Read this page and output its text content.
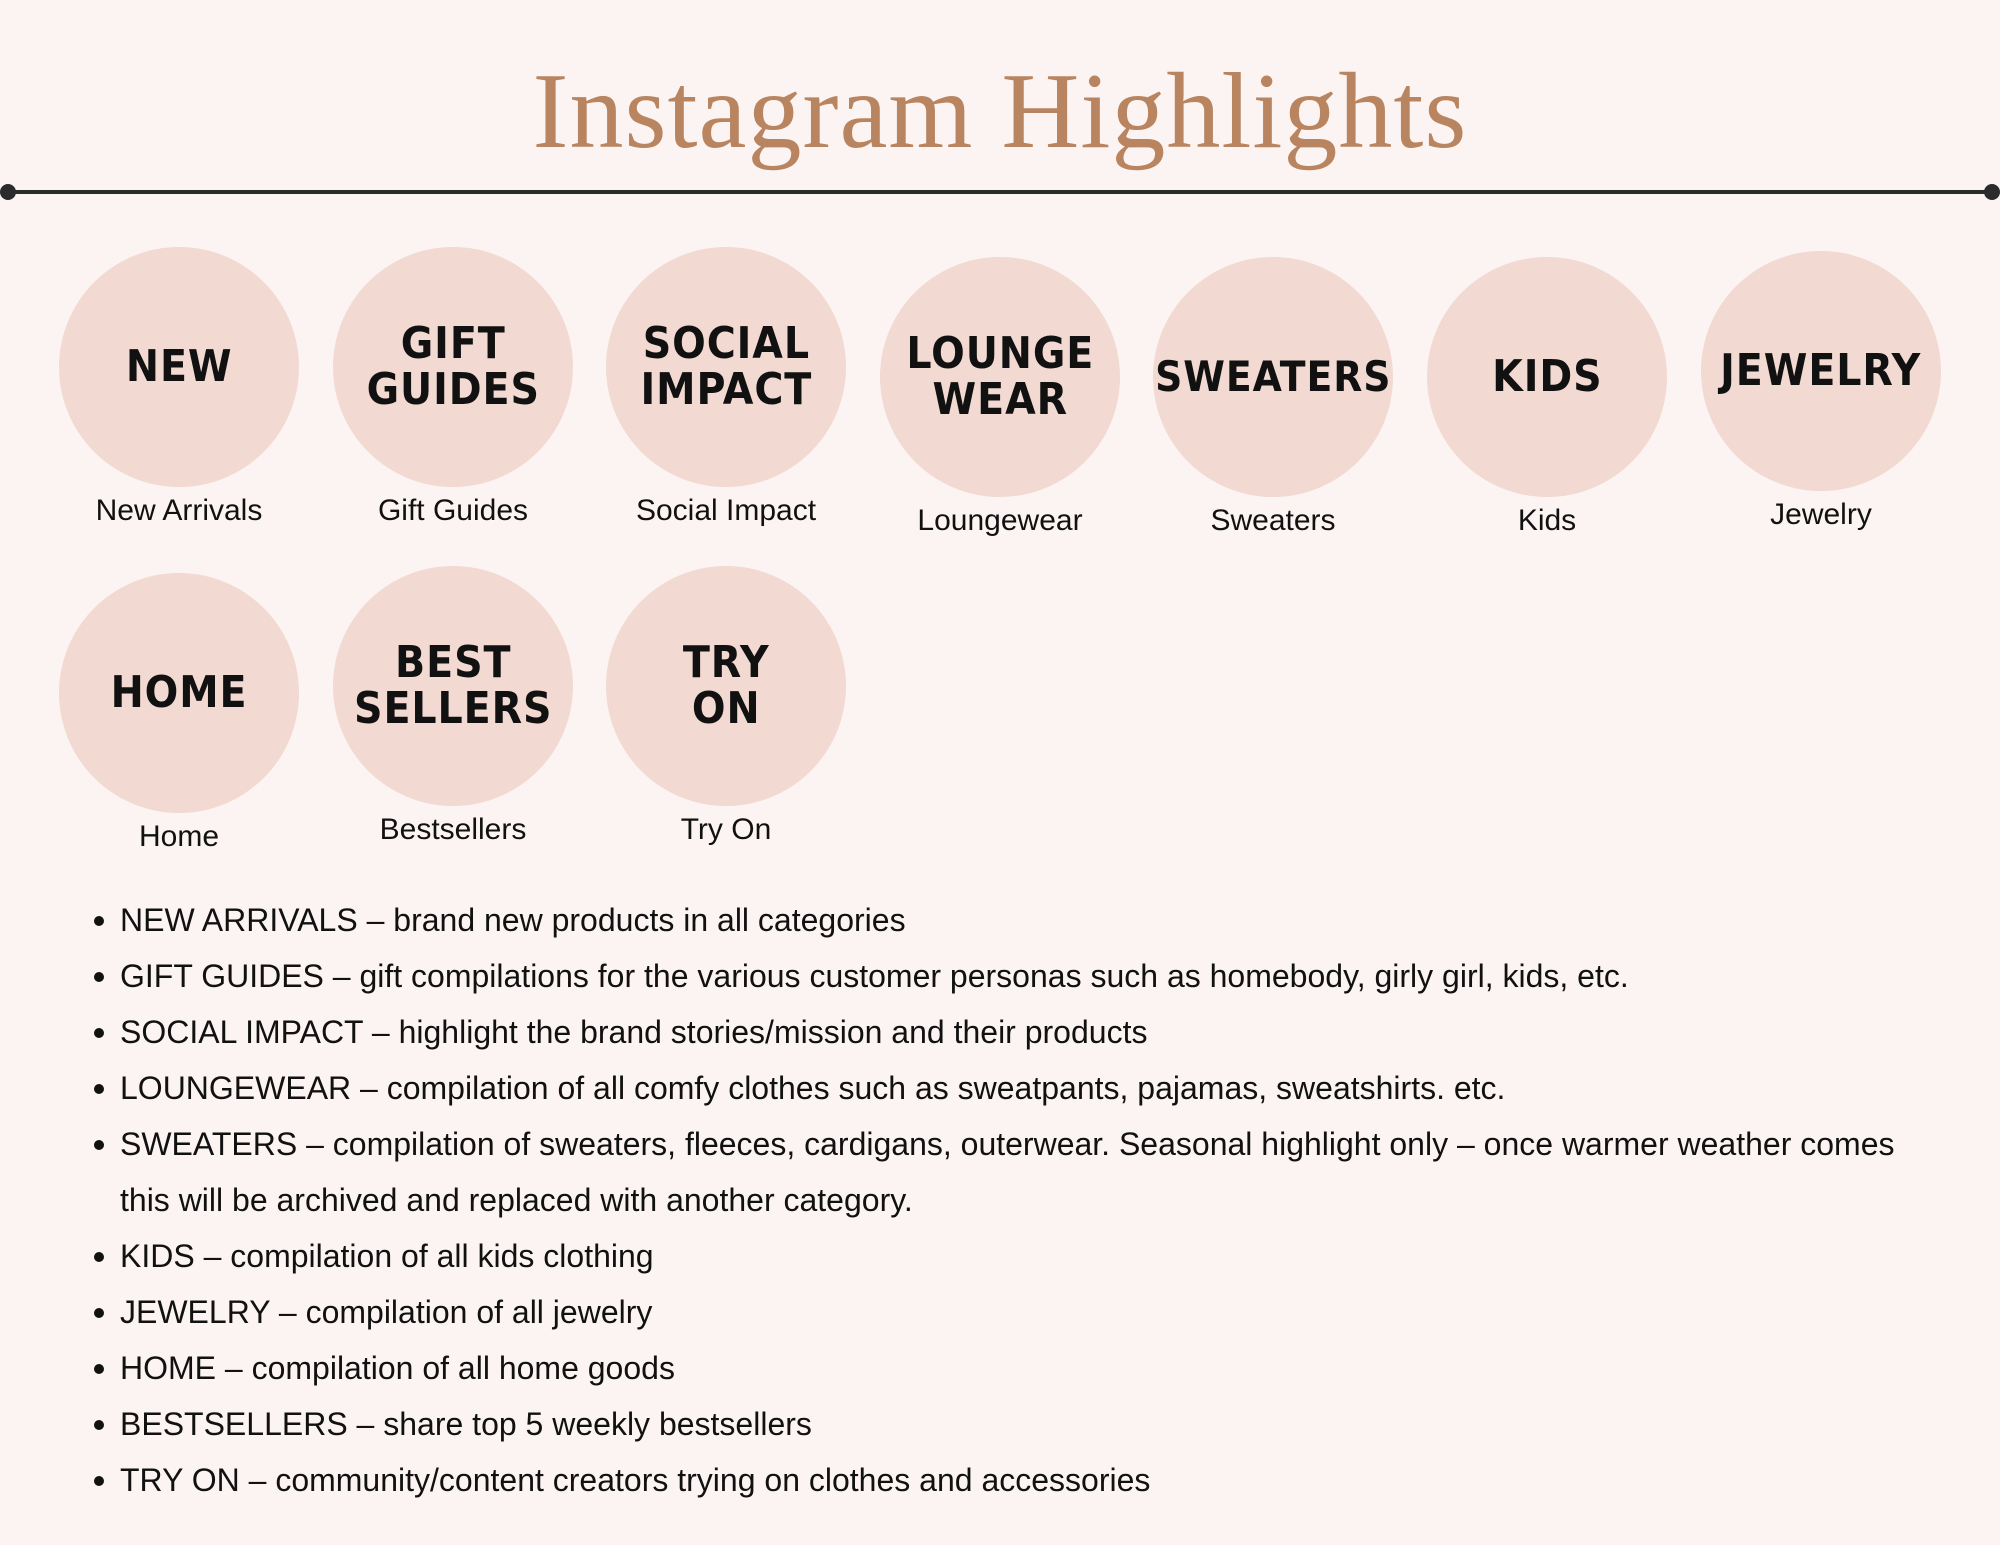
Instagram Highlights
NEW
New Arrivals
GIFT
GUIDES
Gift Guides
SOCIAL
IMPACT
Social Impact
LOUNGE
WEAR
Loungewear
SWEATERS
Sweaters
KIDS
Kids
JEWELRY
Jewelry
HOME
Home
BEST
SELLERS
Bestsellers
TRY
ON
Try On
NEW ARRIVALS – brand new products in all categories
GIFT GUIDES – gift compilations for the various customer personas such as homebody, girly girl, kids, etc.
SOCIAL IMPACT – highlight the brand stories/mission and their products
LOUNGEWEAR – compilation of all comfy clothes such as sweatpants, pajamas, sweatshirts. etc.
SWEATERS – compilation of sweaters, fleeces, cardigans, outerwear. Seasonal highlight only – once warmer weather comes this will be archived and replaced with another category.
KIDS – compilation of all kids clothing
JEWELRY – compilation of all jewelry
HOME – compilation of all home goods
BESTSELLERS – share top 5 weekly bestsellers
TRY ON – community/content creators trying on clothes and accessories
